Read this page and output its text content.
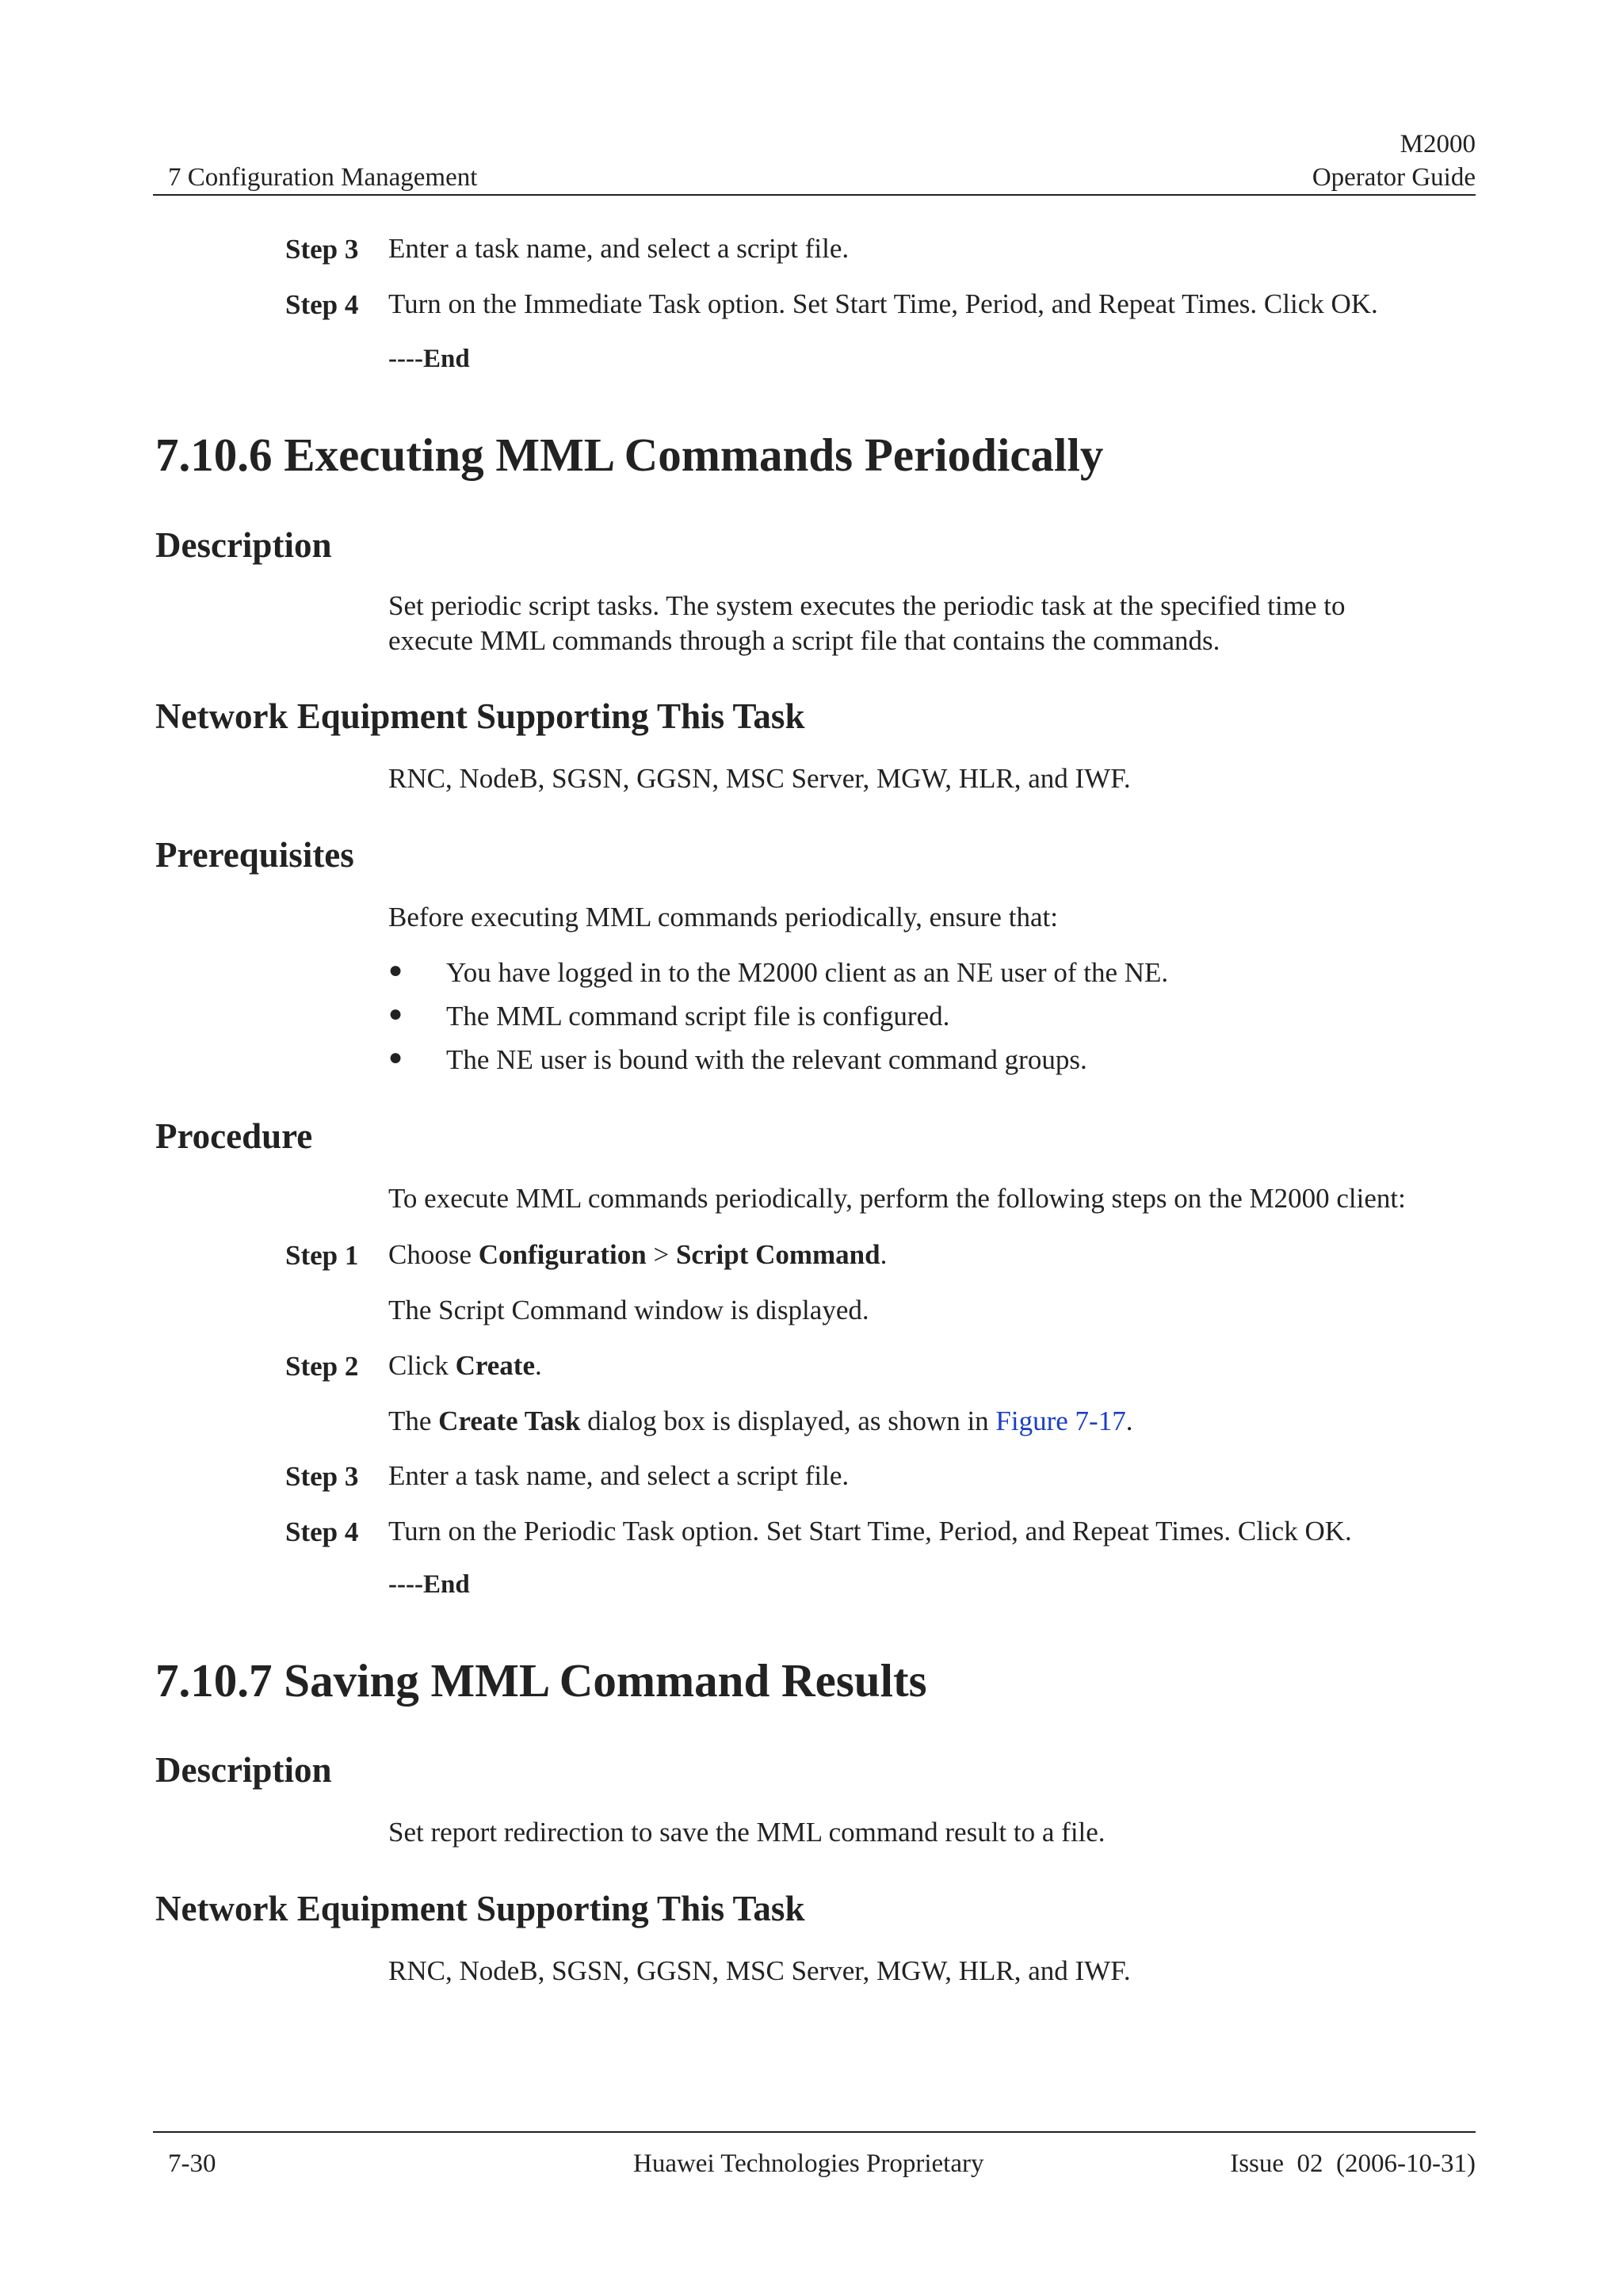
M2000
7 Configuration Management	Operator Guide
Step 3 Enter a task name, and select a script file.
Step 4 Turn on the Immediate Task option. Set Start Time, Period, and Repeat Times. Click OK.
----End
7.10.6 Executing MML Commands Periodically
Description
Set periodic script tasks. The system executes the periodic task at the specified time to
execute MML commands through a script file that contains the commands.
Network Equipment Supporting This Task
RNC, NodeB, SGSN, GGSN, MSC Server, MGW, HLR, and IWF.
Prerequisites
Before executing MML commands periodically, ensure that:
● You have logged in to the M2000 client as an NE user of the NE.
● The MML command script file is configured.
● The NE user is bound with the relevant command groups.
Procedure
To execute MML commands periodically, perform the following steps on the M2000 client:
Step 1 Choose Configuration > Script Command.
The Script Command window is displayed.
Step 2 Click Create.
The Create Task dialog box is displayed, as shown in Figure 7-17.
Step 3 Enter a task name, and select a script file.
Step 4 Turn on the Periodic Task option. Set Start Time, Period, and Repeat Times. Click OK.
----End
7.10.7 Saving MML Command Results
Description
Set report redirection to save the MML command result to a file.
Network Equipment Supporting This Task
RNC, NodeB, SGSN, GGSN, MSC Server, MGW, HLR, and IWF.
7-30	Huawei Technologies Proprietary	Issue  02  (2006-10-31)
